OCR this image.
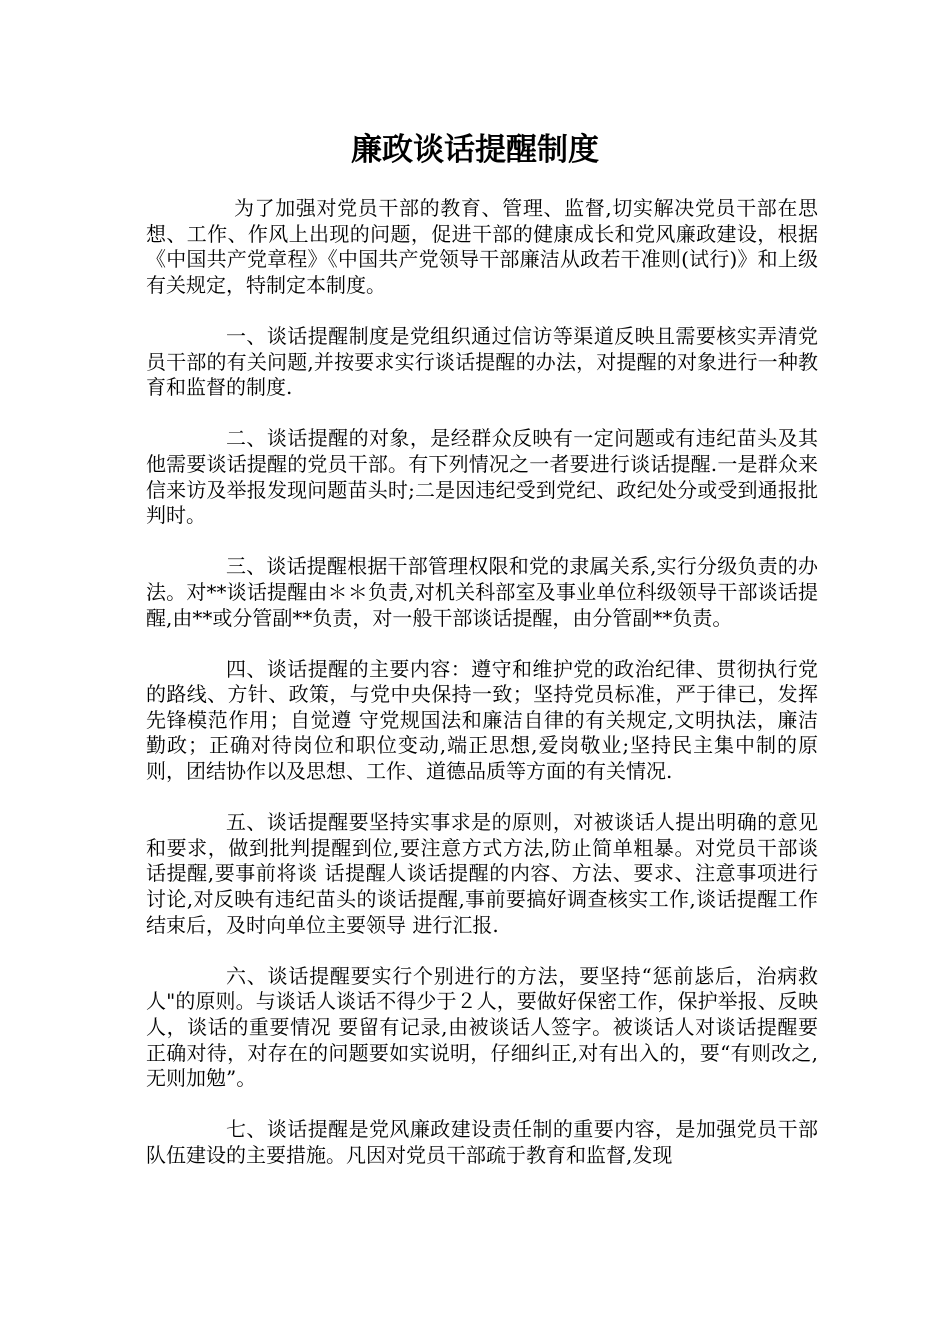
廉政谈话提醒制度

为了加强对党员干部的教育、管理、监督,切实解决党员干部在思想、工作、作风上出现的问题，促进干部的健康成长和党风廉政建设，根据《中国共产党章程》《中国共产党领导干部廉洁从政若干准则(试行)》和上级有关规定，特制定本制度。

一、谈话提醒制度是党组织通过信访等渠道反映且需要核实弄清党员干部的有关问题,并按要求实行谈话提醒的办法，对提醒的对象进行一种教育和监督的制度.

二、谈话提醒的对象，是经群众反映有一定问题或有违纪苗头及其他需要谈话提醒的党员干部。有下列情况之一者要进行谈话提醒.一是群众来信来访及举报发现问题苗头时;二是因违纪受到党纪、政纪处分或受到通报批判时。

三、谈话提醒根据干部管理权限和党的隶属关系,实行分级负责的办法。对**谈话提醒由＊＊负责,对机关科部室及事业单位科级领导干部谈话提醒,由**或分管副**负责，对一般干部谈话提醒，由分管副**负责。

四、谈话提醒的主要内容：遵守和维护党的政治纪律、贯彻执行党的路线、方针、政策，与党中央保持一致；坚持党员标准，严于律已，发挥先锋模范作用；自觉遵 守党规国法和廉洁自律的有关规定,文明执法，廉洁勤政；正确对待岗位和职位变动,端正思想,爱岗敬业;坚持民主集中制的原则，团结协作以及思想、工作、道德品质等方面的有关情况.

五、谈话提醒要坚持实事求是的原则，对被谈话人提出明确的意见和要求，做到批判提醒到位,要注意方式方法,防止简单粗暴。对党员干部谈话提醒,要事前将谈 话提醒人谈话提醒的内容、方法、要求、注意事项进行讨论,对反映有违纪苗头的谈话提醒,事前要搞好调查核实工作,谈话提醒工作结束后，及时向单位主要领导 进行汇报.

六、谈话提醒要实行个别进行的方法，要坚持“惩前毖后，治病救人"的原则。与谈话人谈话不得少于２人，要做好保密工作，保护举报、反映人，谈话的重要情况 要留有记录,由被谈话人签字。被谈话人对谈话提醒要正确对待，对存在的问题要如实说明，仔细纠正,对有出入的，要“有则改之,无则加勉”。

七、谈话提醒是党风廉政建设责任制的重要内容，是加强党员干部队伍建设的主要措施。凡因对党员干部疏于教育和监督,发现
